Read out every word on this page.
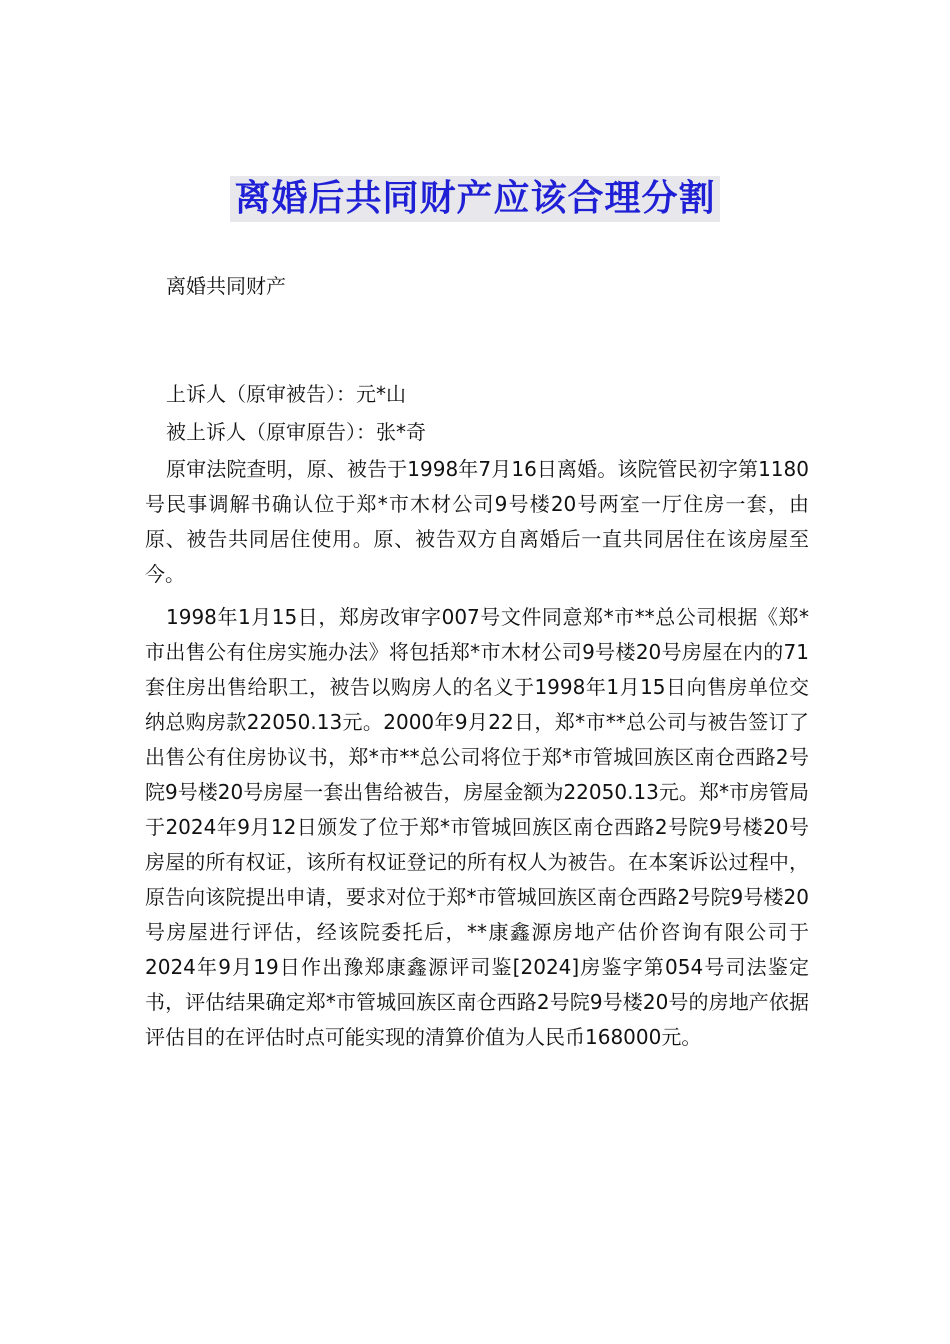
离婚后共同财产应该合理分割
离婚共同财产
上诉人（原审被告）：元*山
被上诉人（原审原告）：张*奇

原审法院查明，原、被告于1998年7月16日离婚。该院管民初字第1180号民事调解书确认位于郑*市木材公司9号楼20号两室一厅住房一套，由原、被告共同居住使用。原、被告双方自离婚后一直共同居住在该房屋至今。

1998年1月15日，郑房改审字007号文件同意郑*市**总公司根据《郑*市出售公有住房实施办法》将包括郑*市木材公司9号楼20号房屋在内的71套住房出售给职工，被告以购房人的名义于1998年1月15日向售房单位交纳总购房款22050.13元。2000年9月22日，郑*市**总公司与被告签订了出售公有住房协议书，郑*市**总公司将位于郑*市管城回族区南仓西路2号院9号楼20号房屋一套出售给被告，房屋金额为22050.13元。郑*市房管局于2024年9月12日颁发了位于郑*市管城回族区南仓西路2号院9号楼20号房屋的所有权证，该所有权证登记的所有权人为被告。在本案诉讼过程中，原告向该院提出申请，要求对位于郑*市管城回族区南仓西路2号院9号楼20号房屋进行评估，经该院委托后，**康鑫源房地产估价咨询有限公司于2024年9月19日作出豫郑康鑫源评司鉴[2024]房鉴字第054号司法鉴定书，评估结果确定郑*市管城回族区南仓西路2号院9号楼20号的房地产依据评估目的在评估时点可能实现的清算价值为人民币168000元。
